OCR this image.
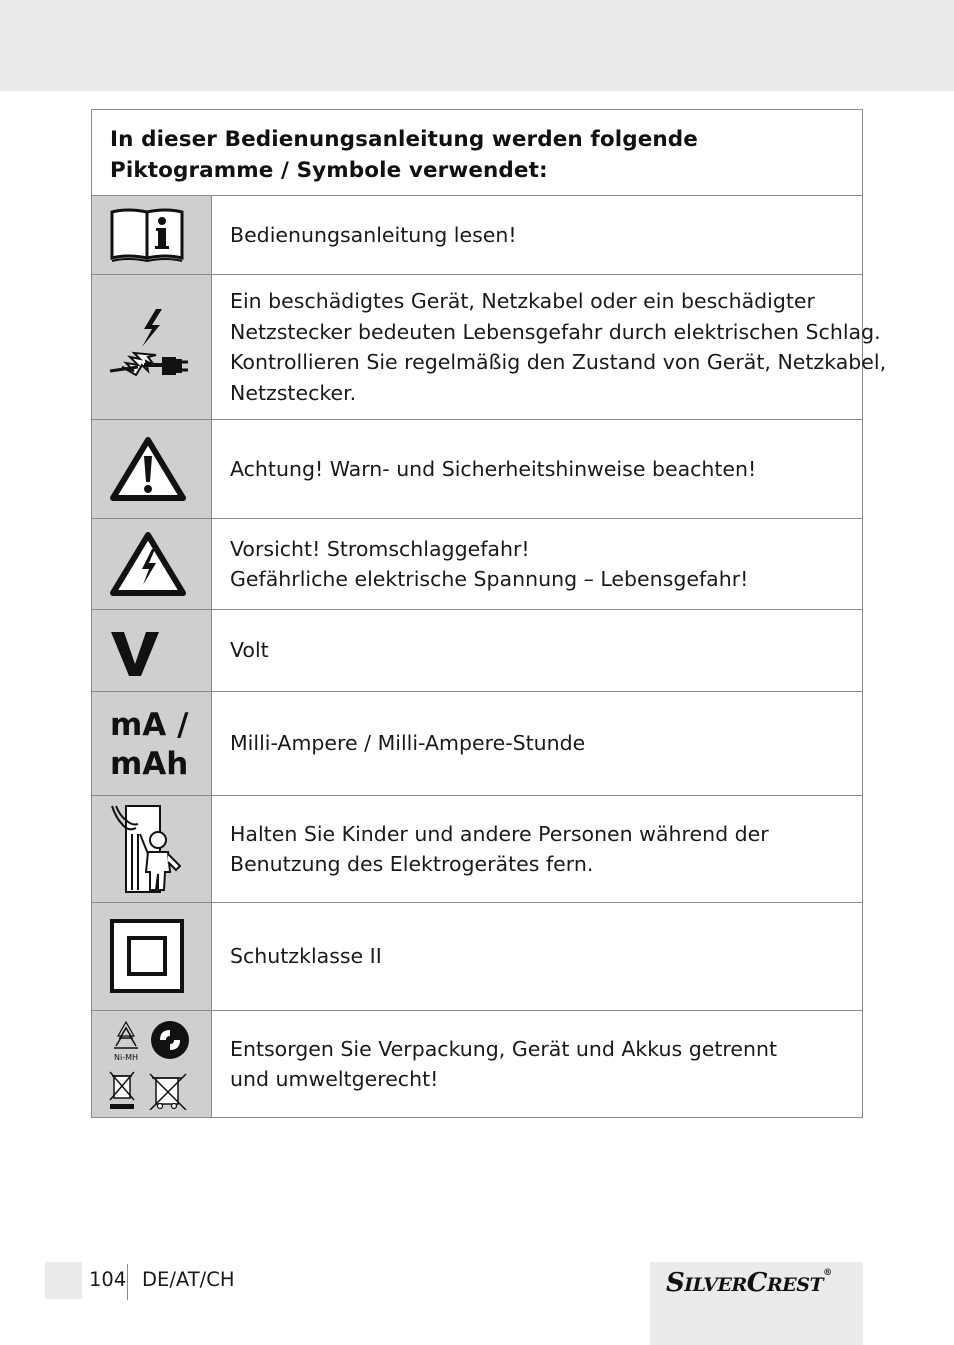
In dieser Bedienungsanleitung werden folgende
Piktogramme / Symbole verwendet:
Bedienungsanleitung lesen!
Ein beschädigtes Gerät, Netzkabel oder ein beschädigter
Netzstecker bedeuten Lebensgefahr durch elektrischen Schlag.
Kontrollieren Sie regelmäßig den Zustand von Gerät, Netzkabel,
Netzstecker.
Achtung! Warn- und Sicherheitshinweise beachten!
Vorsicht! Stromschlaggefahr!
Gefährliche elektrische Spannung – Lebensgefahr!
Volt
mA /
mAh
Milli-Ampere / Milli-Ampere-Stunde
Halten Sie Kinder und andere Personen während der
Benutzung des Elektrogerätes fern.
Schutzklasse II
Ni-MH	Entsorgen Sie Verpackung, Gerät und Akkus getrennt
und umweltgerecht!
104 DE/AT/CH	SILVERCREST®
